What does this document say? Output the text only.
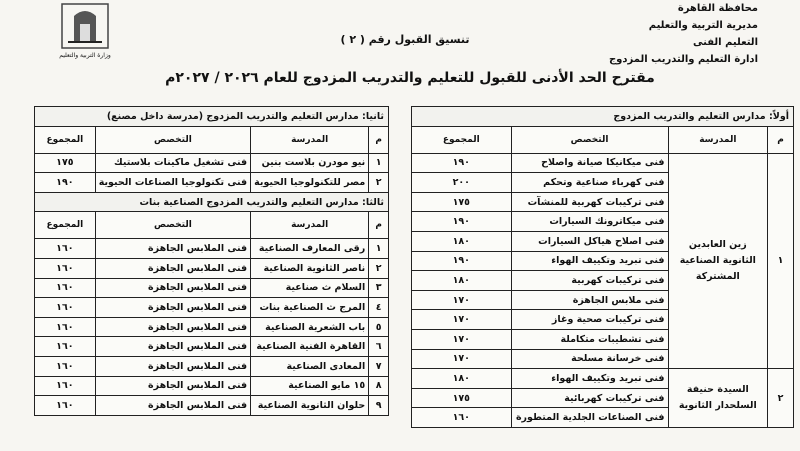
محافظة القاهرة
مديرية التربية والتعليم
التعليم الفنى
ادارة التعليم والتدريب المزدوج
وزارة التربية والتعليم
تنسيق القبول رقم ( ٢ )
مقترح الحد الأدنى للقبول للتعليم والتدريب المزدوج للعام ٢٠٢٦ / ٢٠٢٧م
أولاً: مدارس التعليم والتدريب المزدوج			
م	المدرسة	التخصص	المجموع
١	زين العابدين الثانوية الصناعية المشتركة	فنى ميكانيكا صيانة واصلاح	١٩٠
		فنى كهرباء صناعية وتحكم	٢٠٠
		فنى تركيبات كهربية للمنشآت	١٧٥
		فنى ميكاترونك السيارات	١٩٠
		فنى اصلاح هياكل السيارات	١٨٠
		فنى تبريد وتكييف الهواء	١٩٠
		فنى تركيبات كهربية	١٨٠
		فنى ملابس الجاهزة	١٧٠
		فنى تركيبات صحية وغاز	١٧٠
		فنى تشطيبات متكاملة	١٧٠
		فنى خرسانة مسلحة	١٧٠
٢	السيدة حنيفة السلحدار الثانوية	فنى تبريد وتكييف الهواء	١٨٠
		فنى تركيبات كهربائية	١٧٥
		فنى الصناعات الجلدية المتطورة	١٦٠
ثانيا: مدارس التعليم والتدريب المزدوج (مدرسة داخل مصنع)			
م	المدرسة	التخصص	المجموع
١	نيو مودرن بلاست بنين	فنى تشغيل ماكينات بلاستيك	١٧٥
٢	مصر للتكنولوجيا الحيوية	فنى تكنولوجيا الصناعات الحيوية	١٩٠
ثالثا: مدارس التعليم والتدريب المزدوج الصناعية بنات			
م	المدرسة	التخصص	المجموع
١	رقى المعارف الصناعية	فنى الملابس الجاهزة	١٦٠
٢	ناصر الثانوية الصناعية	فنى الملابس الجاهزة	١٦٠
٣	السلام ث صناعية	فنى الملابس الجاهزة	١٦٠
٤	المرج ث الصناعية بنات	فنى الملابس الجاهزة	١٦٠
٥	باب الشعرية الصناعية	فنى الملابس الجاهزة	١٦٠
٦	القاهرة الفنية الصناعية	فنى الملابس الجاهزة	١٦٠
٧	المعادى الصناعية	فنى الملابس الجاهزة	١٦٠
٨	١٥ مايو الصناعية	فنى الملابس الجاهزة	١٦٠
٩	حلوان الثانوية الصناعية	فنى الملابس الجاهزة	١٦٠
